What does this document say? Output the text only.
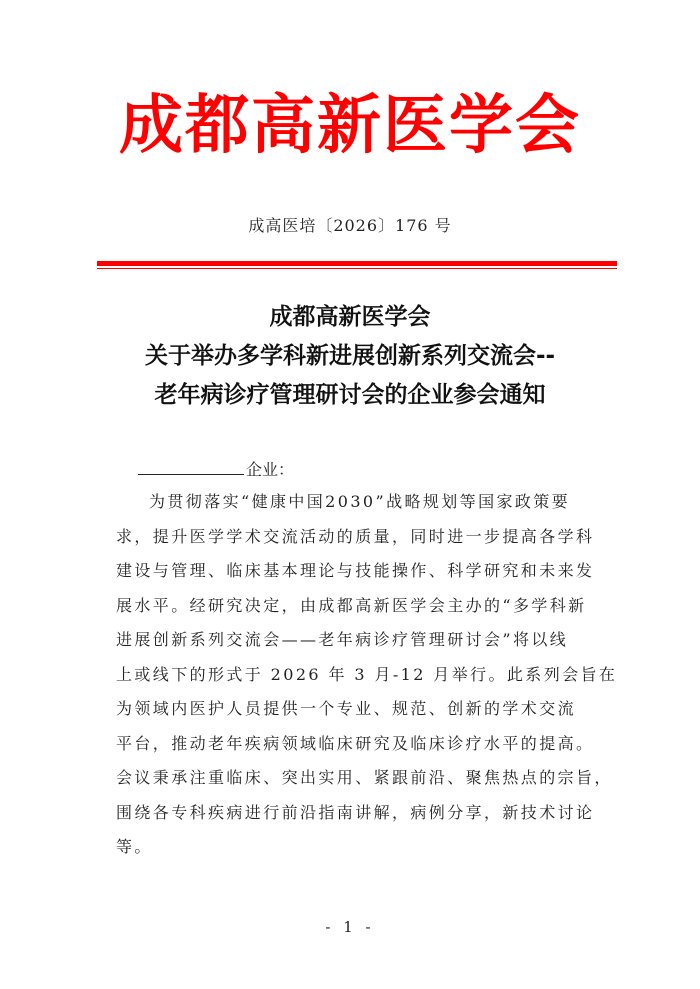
成都高新医学会
成高医培〔2026〕176 号
成都高新医学会
关于举办多学科新进展创新系列交流会--
老年病诊疗管理研讨会的企业参会通知
企业：
为贯彻落实“健康中国2030”战略规划等国家政策要
求，提升医学学术交流活动的质量，同时进一步提高各学科
建设与管理、临床基本理论与技能操作、科学研究和未来发
展水平。经研究决定，由成都高新医学会主办的“多学科新
进展创新系列交流会——老年病诊疗管理研讨会”将以线
上或线下的形式于 2026 年 3 月-12 月举行。此系列会旨在
为领域内医护人员提供一个专业、规范、创新的学术交流
平台，推动老年疾病领域临床研究及临床诊疗水平的提高。
会议秉承注重临床、突出实用、紧跟前沿、聚焦热点的宗旨，
围绕各专科疾病进行前沿指南讲解，病例分享，新技术讨论
等。
- 1 -
